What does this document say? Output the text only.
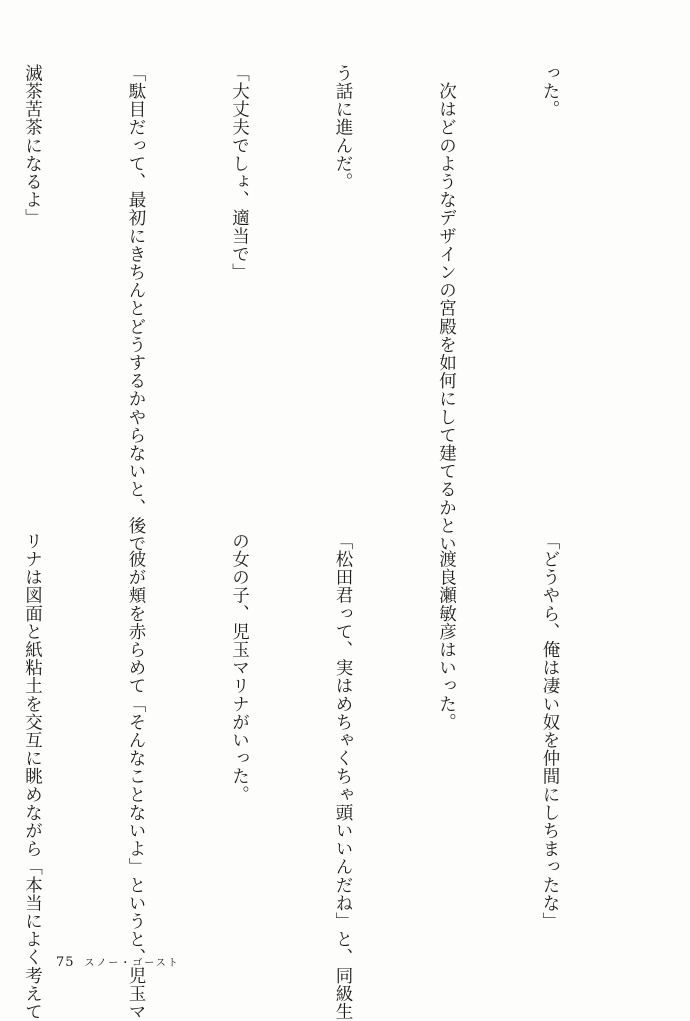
った。

　次はどのようなデザインの宮殿を如何にして建てるかとい

う話に進んだ。

「大丈夫でしょ、適当で」

「駄目だって、最初にきちんとどうするかやらないと、後で

滅茶苦茶になるよ」

「どうやら、俺は凄い奴を仲間にしちまったな」

　渡良瀬敏彦はいった。

「松田君って、実はめちゃくちゃ頭いいんだね」と、同級生

の女の子、児玉マリナがいった。

　彼が頬を赤らめて「そんなことないよ」というと、児玉マ

リナは図面と紙粘土を交互に眺めながら「本当によく考えて

	75 スノー・ゴースト
